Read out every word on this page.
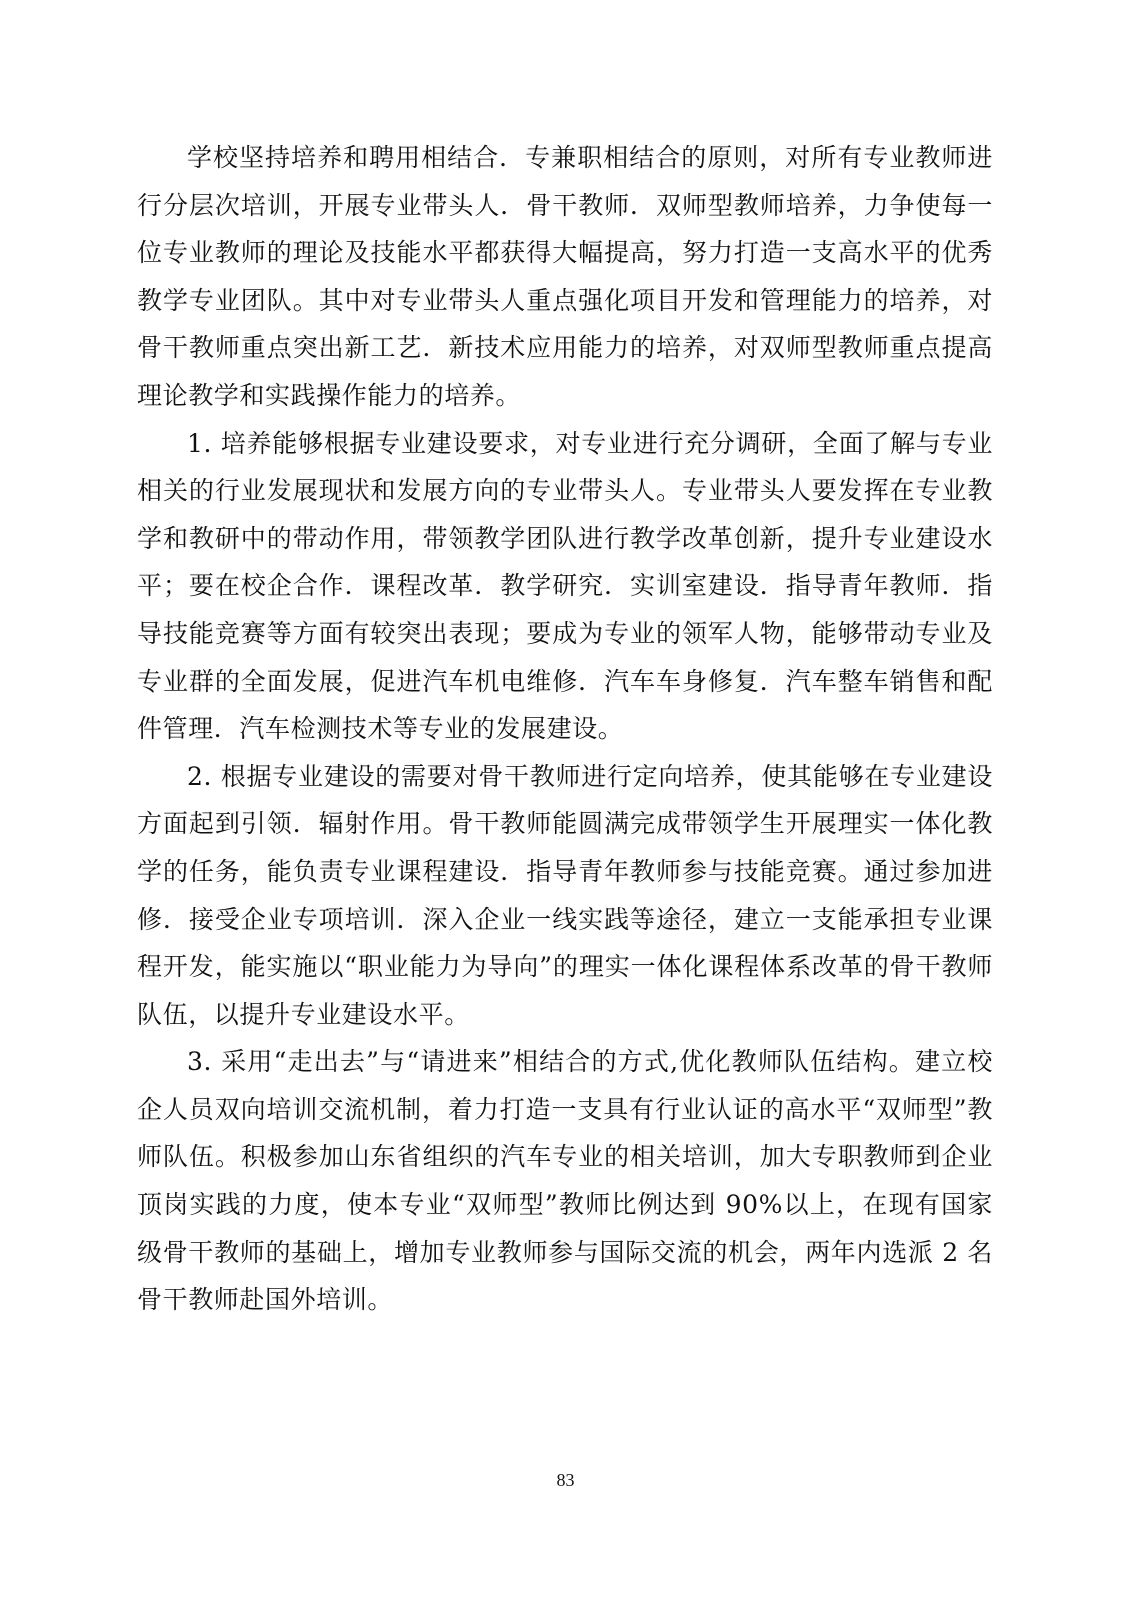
学校坚持培养和聘用相结合．专兼职相结合的原则，对所有专业教师进行分层次培训，开展专业带头人．骨干教师．双师型教师培养，力争使每一位专业教师的理论及技能水平都获得大幅提高，努力打造一支高水平的优秀教学专业团队。其中对专业带头人重点强化项目开发和管理能力的培养，对骨干教师重点突出新工艺．新技术应用能力的培养，对双师型教师重点提高理论教学和实践操作能力的培养。

1. 培养能够根据专业建设要求，对专业进行充分调研，全面了解与专业相关的行业发展现状和发展方向的专业带头人。专业带头人要发挥在专业教学和教研中的带动作用，带领教学团队进行教学改革创新，提升专业建设水平；要在校企合作．课程改革．教学研究．实训室建设．指导青年教师．指导技能竞赛等方面有较突出表现；要成为专业的领军人物，能够带动专业及专业群的全面发展，促进汽车机电维修．汽车车身修复．汽车整车销售和配件管理．汽车检测技术等专业的发展建设。

2. 根据专业建设的需要对骨干教师进行定向培养，使其能够在专业建设方面起到引领．辐射作用。骨干教师能圆满完成带领学生开展理实一体化教学的任务，能负责专业课程建设．指导青年教师参与技能竞赛。通过参加进修．接受企业专项培训．深入企业一线实践等途径，建立一支能承担专业课程开发，能实施以“职业能力为导向”的理实一体化课程体系改革的骨干教师队伍，以提升专业建设水平。

3. 采用“走出去”与“请进来”相结合的方式,优化教师队伍结构。建立校企人员双向培训交流机制，着力打造一支具有行业认证的高水平“双师型”教师队伍。积极参加山东省组织的汽车专业的相关培训，加大专职教师到企业顶岗实践的力度，使本专业“双师型”教师比例达到 90%以上，在现有国家级骨干教师的基础上，增加专业教师参与国际交流的机会，两年内选派 2 名骨干教师赴国外培训。

83
